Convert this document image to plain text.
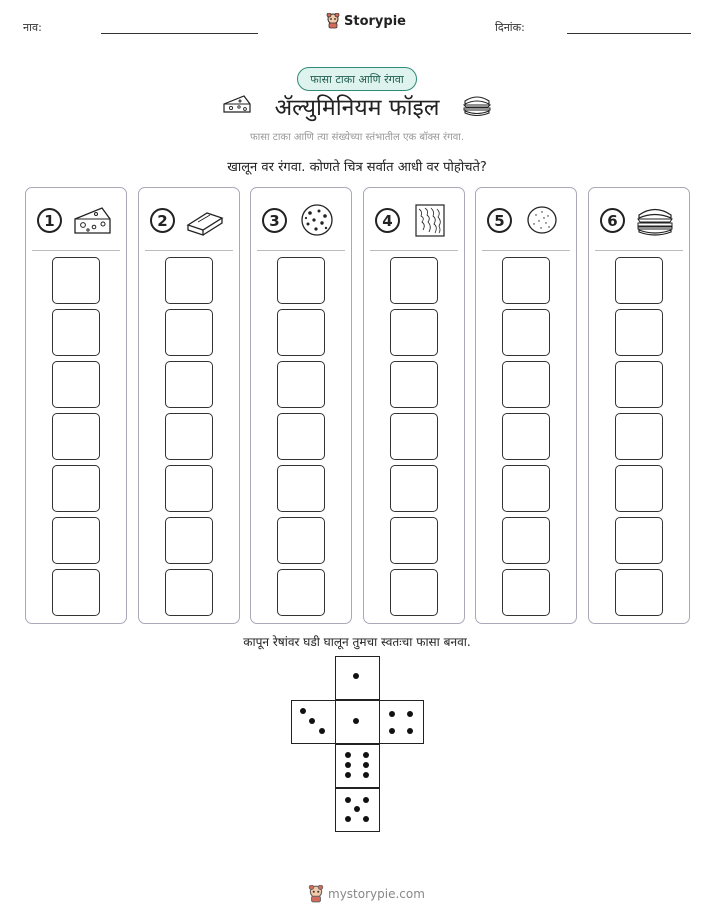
नाव:	Storypie	दिनांक:
फासा टाका आणि रंगवा
ॲल्युमिनियम फॉइल
फासा टाका आणि त्या संख्येच्या स्तंभातील एक बॉक्स रंगवा.
खालून वर रंगवा. कोणते चित्र सर्वात आधी वर पोहोचते?
1	2	3	4	5	6
कापून रेषांवर घडी घालून तुमचा स्वतःचा फासा बनवा.
mystorypie.com
